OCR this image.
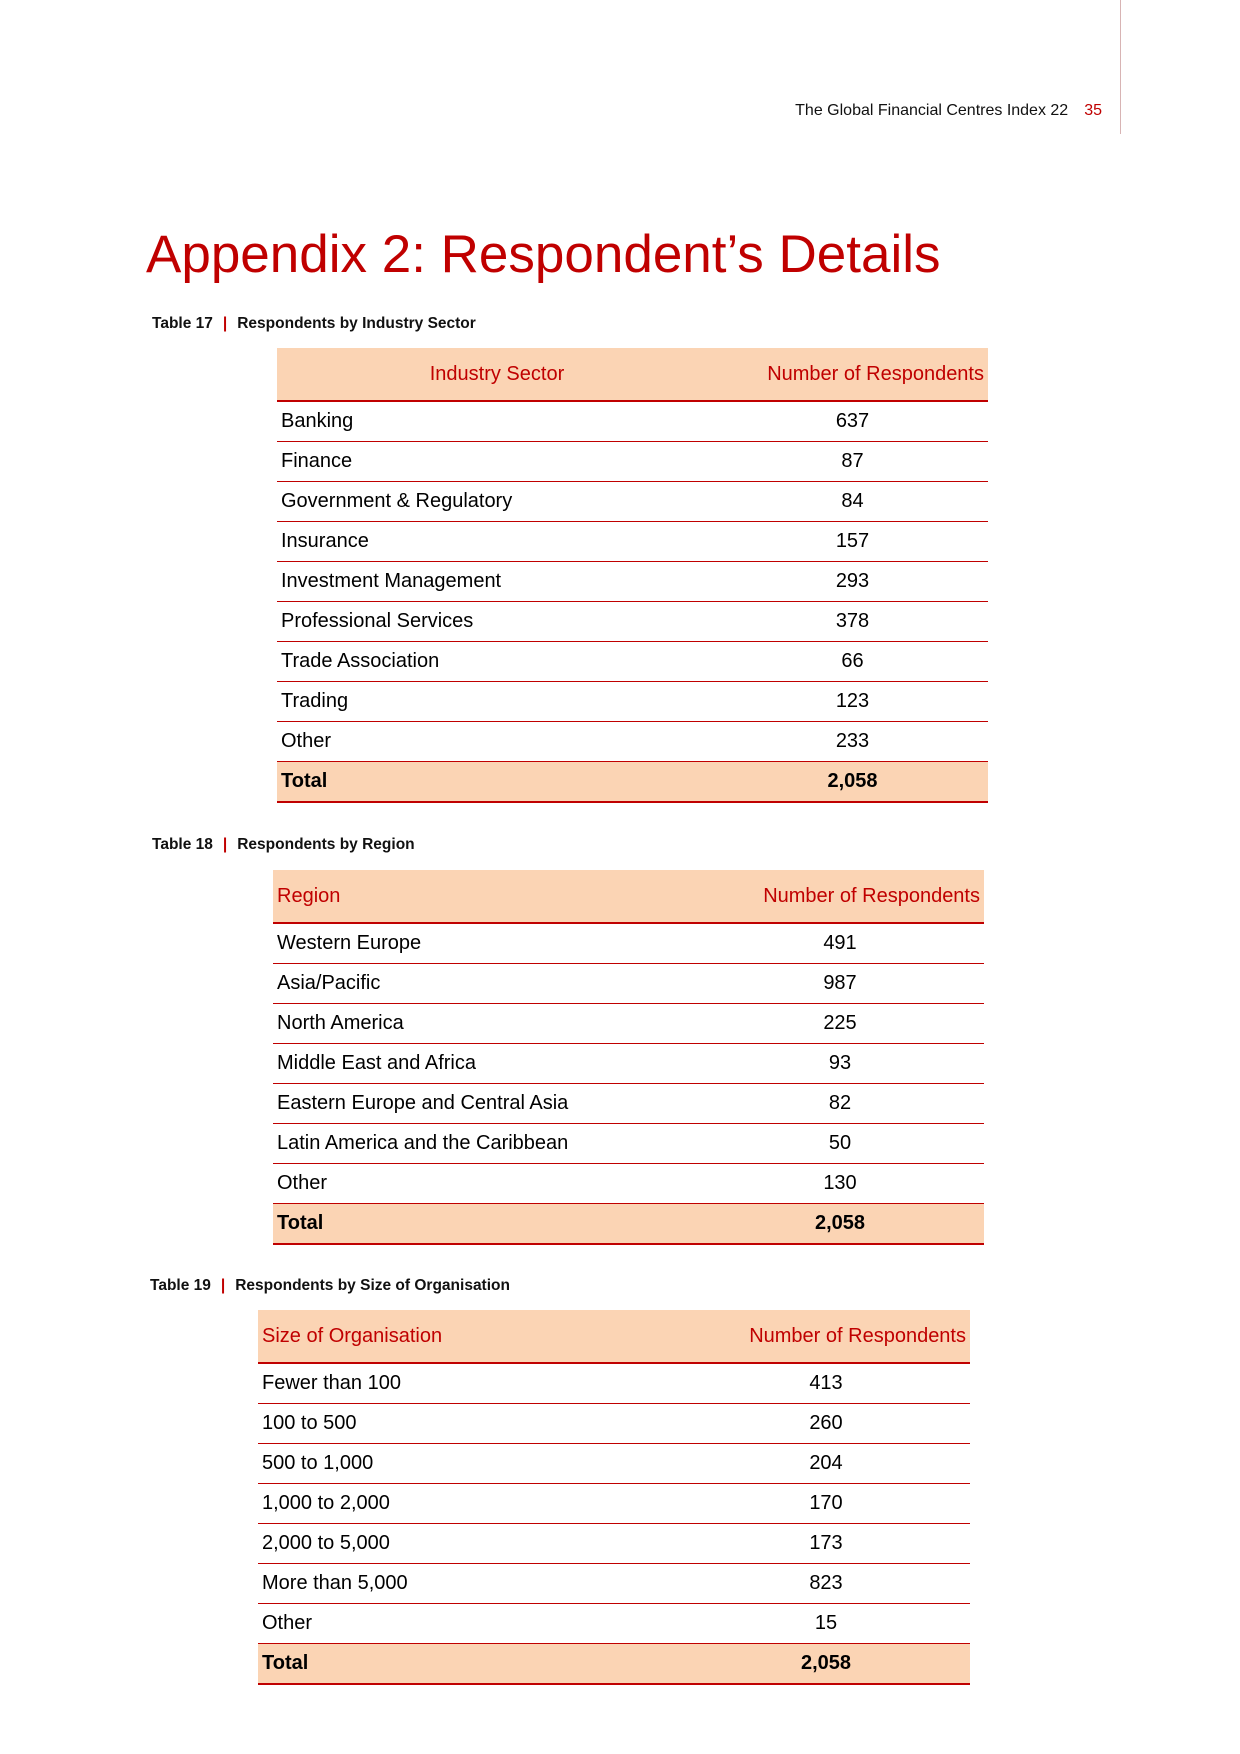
The Global Financial Centres Index 22 35
Appendix 2: Respondent’s Details
Table 17 | Respondents by Industry Sector
Industry Sector	Number of Respondents
Banking	637
Finance	87
Government & Regulatory	84
Insurance	157
Investment Management	293
Professional Services	378
Trade Association	66
Trading	123
Other	233
Total	2,058
Table 18 | Respondents by Region
Region	Number of Respondents
Western Europe	491
Asia/Pacific	987
North America	225
Middle East and Africa	93
Eastern Europe and Central Asia	82
Latin America and the Caribbean	50
Other	130
Total	2,058
Table 19 | Respondents by Size of Organisation
Size of Organisation	Number of Respondents
Fewer than 100	413
100 to 500	260
500 to 1,000	204
1,000 to 2,000	170
2,000 to 5,000	173
More than 5,000	823
Other	15
Total	2,058
